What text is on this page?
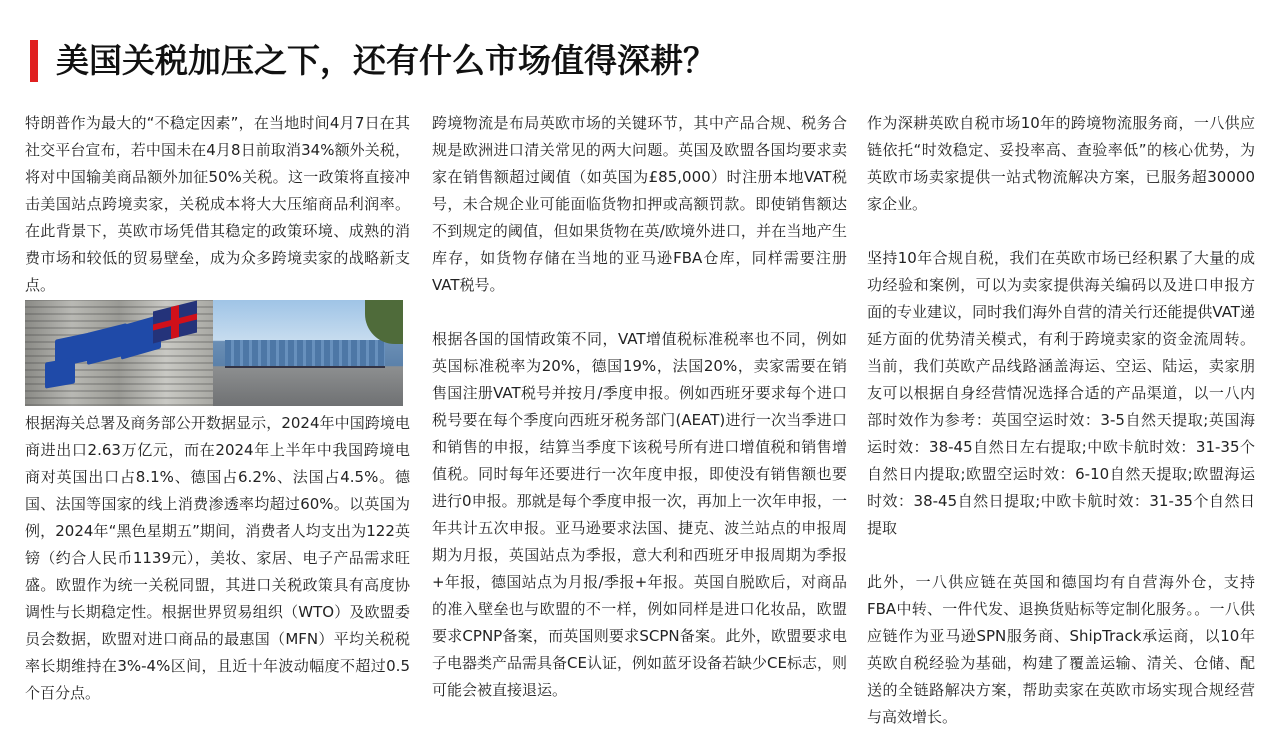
美国关税加压之下，还有什么市场值得深耕？

特朗普作为最大的“不稳定因素”，在当地时间4月7日在其社交平台宣布，若中国未在4月8日前取消34%额外关税，将对中国输美商品额外加征50%关税。这一政策将直接冲击美国站点跨境卖家，关税成本将大大压缩商品利润率。在此背景下，英欧市场凭借其稳定的政策环境、成熟的消费市场和较低的贸易壁垒，成为众多跨境卖家的战略新支点。

根据海关总署及商务部公开数据显示，2024年中国跨境电商进出口2.63万亿元，而在2024年上半年中我国跨境电商对英国出口占8.1%、德国占6.2%、法国占4.5%。德国、法国等国家的线上消费渗透率均超过60%。以英国为例，2024年“黑色星期五”期间，消费者人均支出为122英镑（约合人民币1139元），美妆、家居、电子产品需求旺盛。欧盟作为统一关税同盟，其进口关税政策具有高度协调性与长期稳定性。根据世界贸易组织（WTO）及欧盟委员会数据，欧盟对进口商品的最惠国（MFN）平均关税税率长期维持在3%-4%区间，且近十年波动幅度不超过0.5个百分点。

跨境物流是布局英欧市场的关键环节，其中产品合规、税务合规是欧洲进口清关常见的两大问题。英国及欧盟各国均要求卖家在销售额超过阈值（如英国为£85,000）时注册本地VAT税号，未合规企业可能面临货物扣押或高额罚款。即使销售额达不到规定的阈值，但如果货物在英/欧境外进口，并在当地产生库存，如货物存储在当地的亚马逊FBA仓库，同样需要注册VAT税号。

根据各国的国情政策不同，VAT增值税标准税率也不同，例如英国标准税率为20%，德国19%，法国20%，卖家需要在销售国注册VAT税号并按月/季度申报。例如西班牙要求每个进口税号要在每个季度向西班牙税务部门(AEAT)进行一次当季进口和销售的申报，结算当季度下该税号所有进口增值税和销售增值税。同时每年还要进行一次年度申报，即使没有销售额也要进行0申报。那就是每个季度申报一次，再加上一次年申报，一年共计五次申报。亚马逊要求法国、捷克、波兰站点的申报周期为月报，英国站点为季报，意大利和西班牙申报周期为季报+年报，德国站点为月报/季报+年报。英国自脱欧后，对商品的准入壁垒也与欧盟的不一样，例如同样是进口化妆品，欧盟要求CPNP备案，而英国则要求SCPN备案。此外，欧盟要求电子电器类产品需具备CE认证，例如蓝牙设备若缺少CE标志，则可能会被直接退运。

作为深耕英欧自税市场10年的跨境物流服务商，一八供应链依托“时效稳定、妥投率高、查验率低”的核心优势，为英欧市场卖家提供一站式物流解决方案，已服务超30000家企业。

坚持10年合规自税，我们在英欧市场已经积累了大量的成功经验和案例，可以为卖家提供海关编码以及进口申报方面的专业建议，同时我们海外自营的清关行还能提供VAT递延方面的优势清关模式，有利于跨境卖家的资金流周转。当前，我们英欧产品线路涵盖海运、空运、陆运，卖家朋友可以根据自身经营情况选择合适的产品渠道，以一八内部时效作为参考：英国空运时效：3-5自然天提取;英国海运时效：38-45自然日左右提取;中欧卡航时效：31-35个自然日内提取;欧盟空运时效：6-10自然天提取;欧盟海运时效：38-45自然日提取;中欧卡航时效：31-35个自然日提取

此外，一八供应链在英国和德国均有自营海外仓，支持FBA中转、一件代发、退换货贴标等定制化服务。。一八供应链作为亚马逊SPN服务商、ShipTrack承运商，以10年英欧自税经验为基础，构建了覆盖运输、清关、仓储、配送的全链路解决方案，帮助卖家在英欧市场实现合规经营与高效增长。
